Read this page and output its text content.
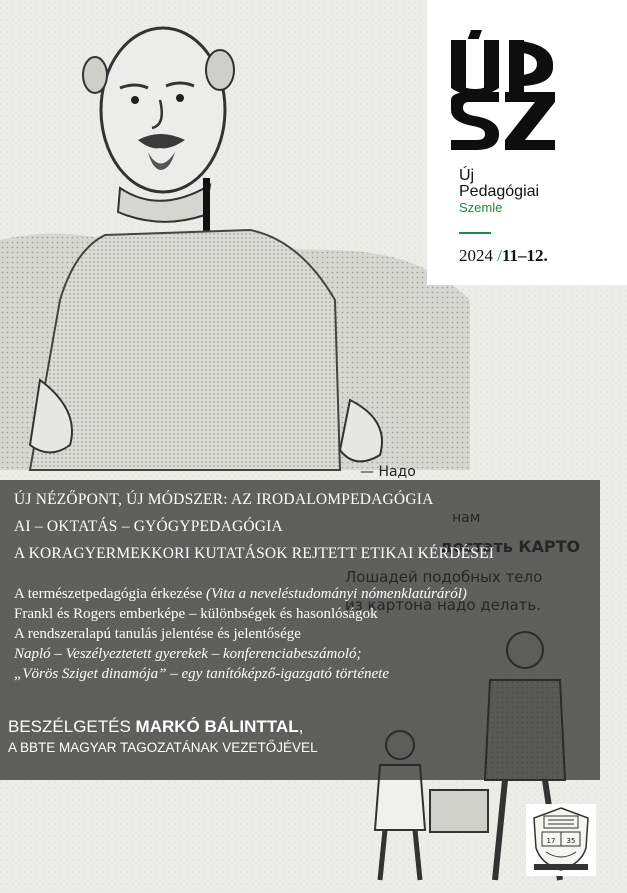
— Надо
Új
Pedagógiai
Szemle
2024 /11–12.
ÚJ NÉZŐPONT, ÚJ MÓDSZER: AZ IRODALOMPEDAGÓGIA
AI – OKTATÁS – GYÓGYPEDAGÓGIA
A KORAGYERMEKKORI KUTATÁSOK REJTETT ETIKAI KÉRDÉSEI
A természetpedagógia érkezése (Vita a neveléstudományi nómenklatúráról)
Frankl és Rogers emberképe – különbségek és hasonlóságok
A rendszeralapú tanulás jelentése és jelentősége
Napló – Veszélyeztetett gyerekek – konferenciabeszámoló;
„Vörös Sziget dinamója” – egy tanítóképző-igazgató története
BESZÉLGETÉS MARKÓ BÁLINTTAL,
A BBTE MAGYAR TAGOZATÁNAK VEZETŐJÉVEL
17 35
